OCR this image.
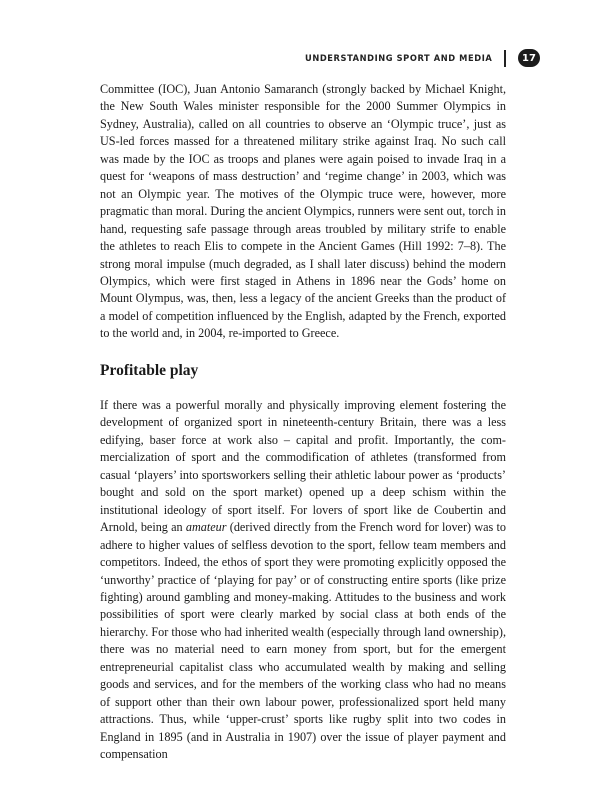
UNDERSTANDING SPORT AND MEDIA	17

Committee (IOC), Juan Antonio Samaranch (strongly backed by Michael Knight, the New South Wales minister responsible for the 2000 Summer Olympics in Sydney, Australia), called on all countries to observe an ‘Olympic truce’, just as US-led forces massed for a threatened military strike against Iraq. No such call was made by the IOC as troops and planes were again poised to invade Iraq in a quest for ‘weapons of mass destruction’ and ‘regime change’ in 2003, which was not an Olympic year. The motives of the Olympic truce were, however, more pragmatic than moral. During the ancient Olympics, runners were sent out, torch in hand, requesting safe passage through areas troubled by military strife to enable the athletes to reach Elis to compete in the Ancient Games (Hill 1992: 7–8). The strong moral impulse (much degraded, as I shall later discuss) behind the modern Olympics, which were first staged in Athens in 1896 near the Gods’ home on Mount Olympus, was, then, less a legacy of the ancient Greeks than the product of a model of competition influenced by the English, adapted by the French, exported to the world and, in 2004, re-imported to Greece.

Profitable play

If there was a powerful morally and physically improving element fostering the development of organized sport in nineteenth-century Britain, there was a less edifying, baser force at work also – capital and profit. Importantly, the com-mercialization of sport and the commodification of athletes (transformed from casual ‘players’ into sportsworkers selling their athletic labour power as ‘products’ bought and sold on the sport market) opened up a deep schism within the institutional ideology of sport itself. For lovers of sport like de Coubertin and Arnold, being an amateur (derived directly from the French word for lover) was to adhere to higher values of selfless devotion to the sport, fellow team members and competitors. Indeed, the ethos of sport they were promoting explicitly opposed the ‘unworthy’ practice of ‘playing for pay’ or of constructing entire sports (like prize fighting) around gambling and money-making. Attitudes to the business and work possibilities of sport were clearly marked by social class at both ends of the hierarchy. For those who had inherited wealth (especially through land ownership), there was no material need to earn money from sport, but for the emergent entrepreneurial capitalist class who accumulated wealth by making and selling goods and services, and for the members of the working class who had no means of support other than their own labour power, professionalized sport held many attractions. Thus, while ‘upper-crust’ sports like rugby split into two codes in England in 1895 (and in Australia in 1907) over the issue of player payment and compensation
